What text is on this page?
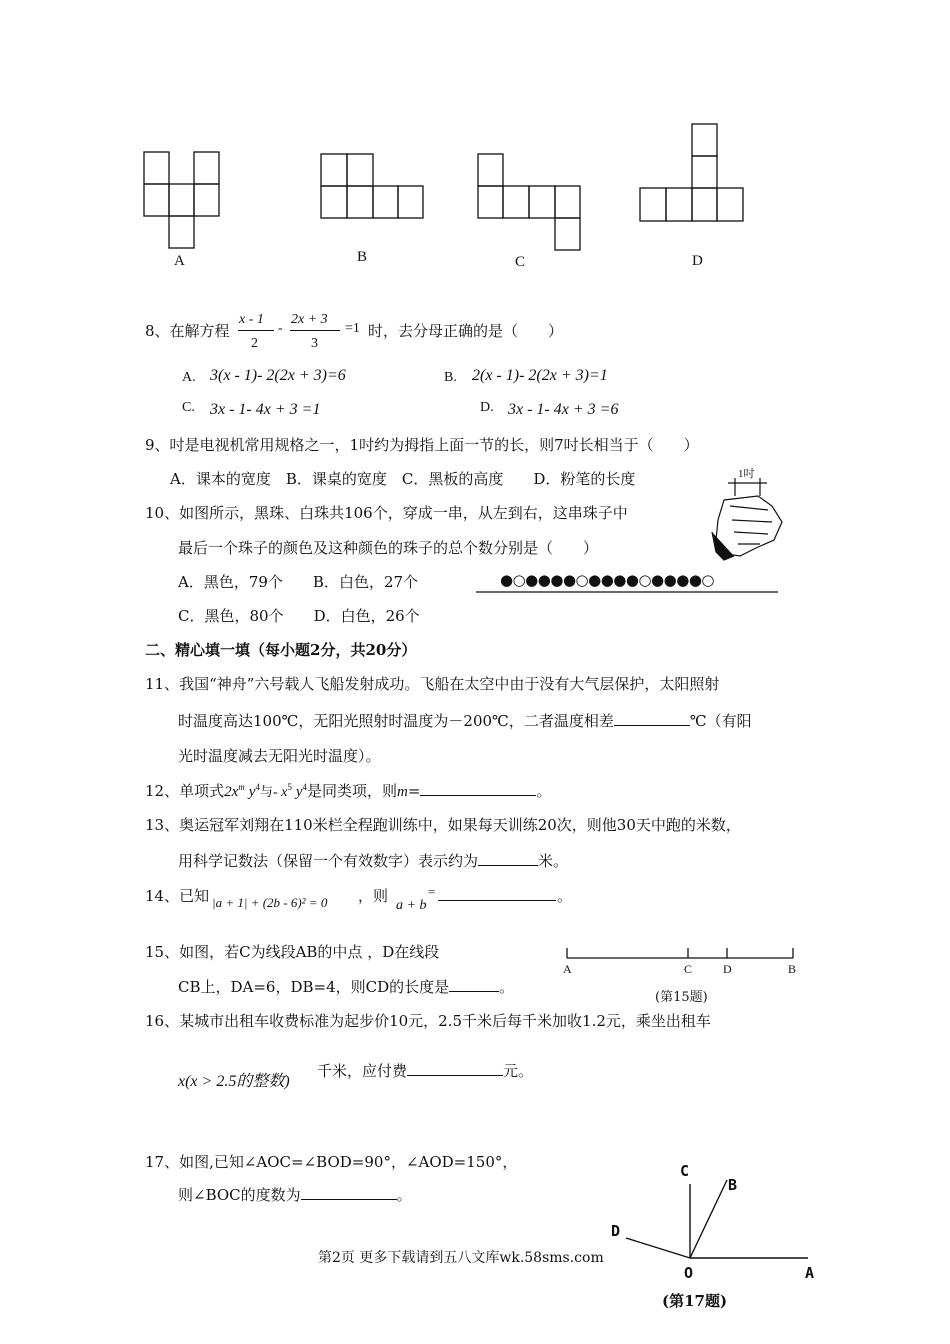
A	B	C	D
8、在解方程
x - 1
2
-
2x + 3
3
=1 时，去分母正确的是（　　）
A. 3(x - 1)- 2(2x + 3)=6	B. 2(x - 1)- 2(2x + 3)=1
C. 3x - 1- 4x + 3 =1	D. 3x - 1- 4x + 3 =6
9、吋是电视机常用规格之一，1吋约为拇指上面一节的长，则7吋长相当于（　　）
A．课本的宽度　B．课桌的宽度　C．黑板的高度　　D．粉笔的长度	1吋
10、如图所示，黑珠、白珠共106个，穿成一串，从左到右，这串珠子中
最后一个珠子的颜色及这种颜色的珠子的总个数分别是（　　）
A．黑色，79个　　B．白色，27个
C．黑色，80个　　D．白色，26个
●○●●●●○●●●●○●●●●○
二、精心填一填（每小题2分，共20分）
11、我国“神舟”六号载人飞船发射成功。飞船在太空中由于没有大气层保护，太阳照射
时温度高达100℃，无阳光照射时温度为－200℃，二者温度相差	℃（有阳
光时温度减去无阳光时温度）。
12、单项式$2x^m$ $y^4$与- $x^5$ $y^4$是同类项，则m=	。
13、奥运冠军刘翔在110米栏全程跑训练中，如果每天训练20次，则他30天中跑的米数，
用科学记数法（保留一个有效数字）表示约为	米。
14、已知 |a + 1| + (2b - 6)² = 0 ，则
a + b
=	。
15、如图，若C为线段AB的中点 ，D在线段
CB上，DA=6，DB=4，则CD的长度是	。
A	C	D	B
(第15题)
16、某城市出租车收费标准为起步价10元，2.5千米后每千米加收1.2元，乘坐出租车
x(x > 2.5的整数)
千米，应付费	元。
17、如图,已知∠AOC=∠BOD=90°，∠AOD=150°，
则∠BOC的度数为	。
C
B
D
O	A
(第17题)
第2页 更多下载请到五八文库wk.58sms.com
